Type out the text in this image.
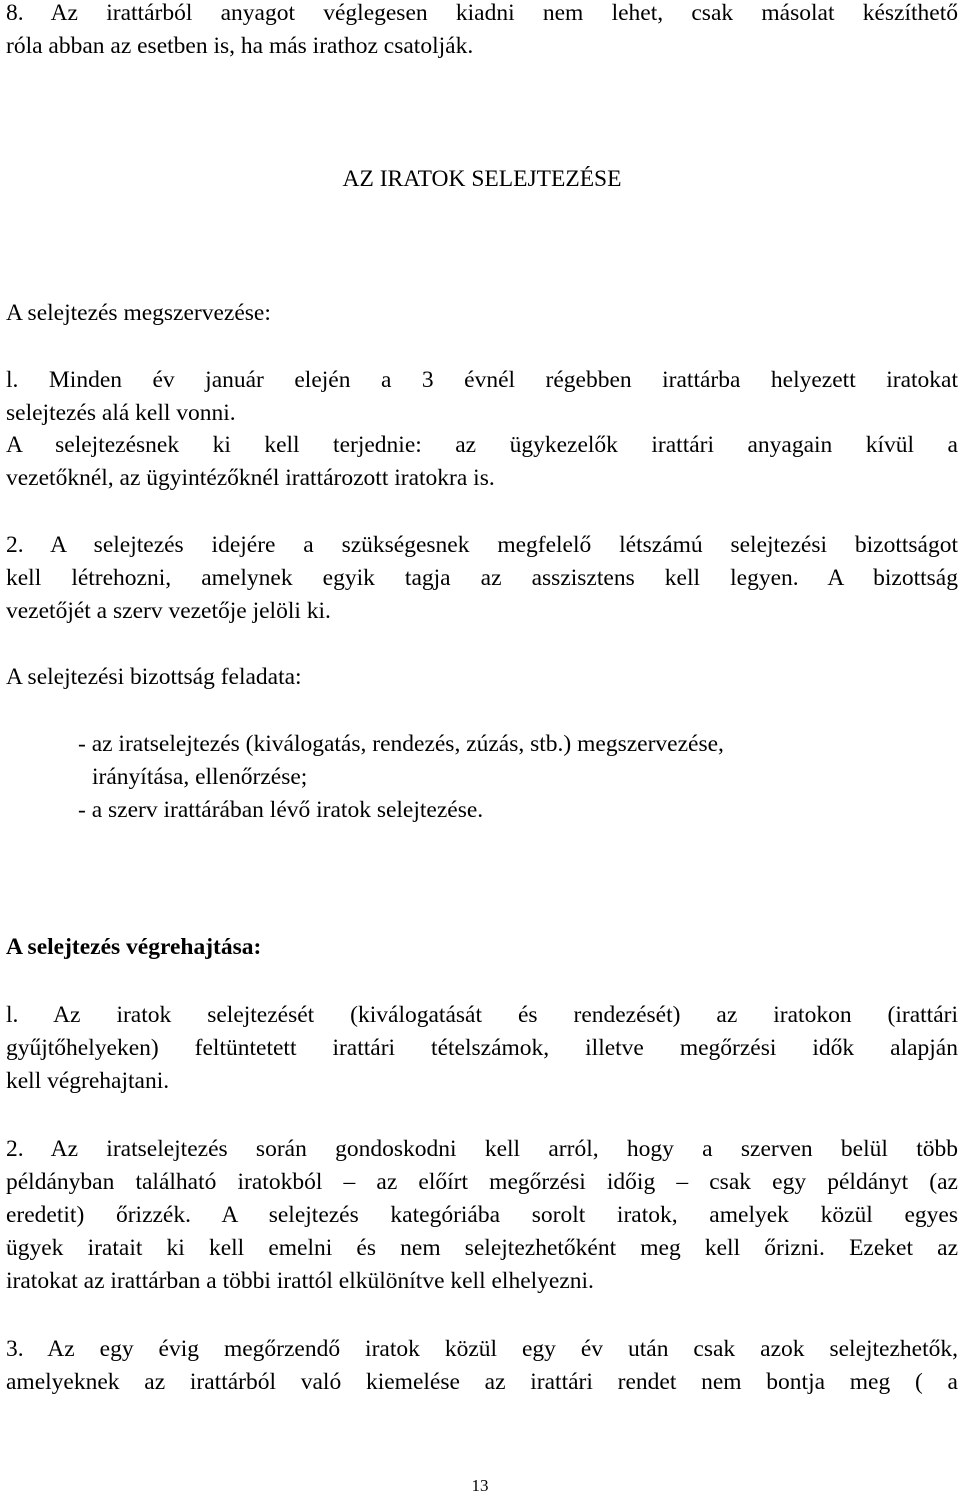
8. Az irattárból anyagot véglegesen kiadni nem lehet, csak másolat készíthető
róla abban az esetben is, ha más irathoz csatolják.
AZ IRATOK SELEJTEZÉSE
A selejtezés megszervezése:
l. Minden év január elején a 3 évnél régebben irattárba helyezett iratokat
selejtezés alá kell vonni.
A selejtezésnek ki kell terjednie: az ügykezelők irattári anyagain kívül a
vezetőknél, az ügyintézőknél irattározott iratokra is.
2. A selejtezés idejére a szükségesnek megfelelő létszámú selejtezési bizottságot
kell létrehozni, amelynek egyik tagja az asszisztens kell legyen. A bizottság
vezetőjét a szerv vezetője jelöli ki.
A selejtezési bizottság feladata:
- az iratselejtezés (kiválogatás, rendezés, zúzás, stb.) megszervezése,
irányítása, ellenőrzése;
- a szerv irattárában lévő iratok selejtezése.
A selejtezés végrehajtása:
l. Az iratok selejtezését (kiválogatását és rendezését) az iratokon (irattári
gyűjtőhelyeken) feltüntetett irattári tételszámok, illetve megőrzési idők alapján
kell végrehajtani.
2. Az iratselejtezés során gondoskodni kell arról, hogy a szerven belül több
példányban található iratokból – az előírt megőrzési időig – csak egy példányt (az
eredetit) őrizzék. A selejtezés kategóriába sorolt iratok, amelyek közül egyes
ügyek iratait ki kell emelni és nem selejtezhetőként meg kell őrizni. Ezeket az
iratokat az irattárban a többi irattól elkülönítve kell elhelyezni.
3. Az egy évig megőrzendő iratok közül egy év után csak azok selejtezhetők,
amelyeknek az irattárból való kiemelése az irattári rendet nem bontja meg ( a
13
